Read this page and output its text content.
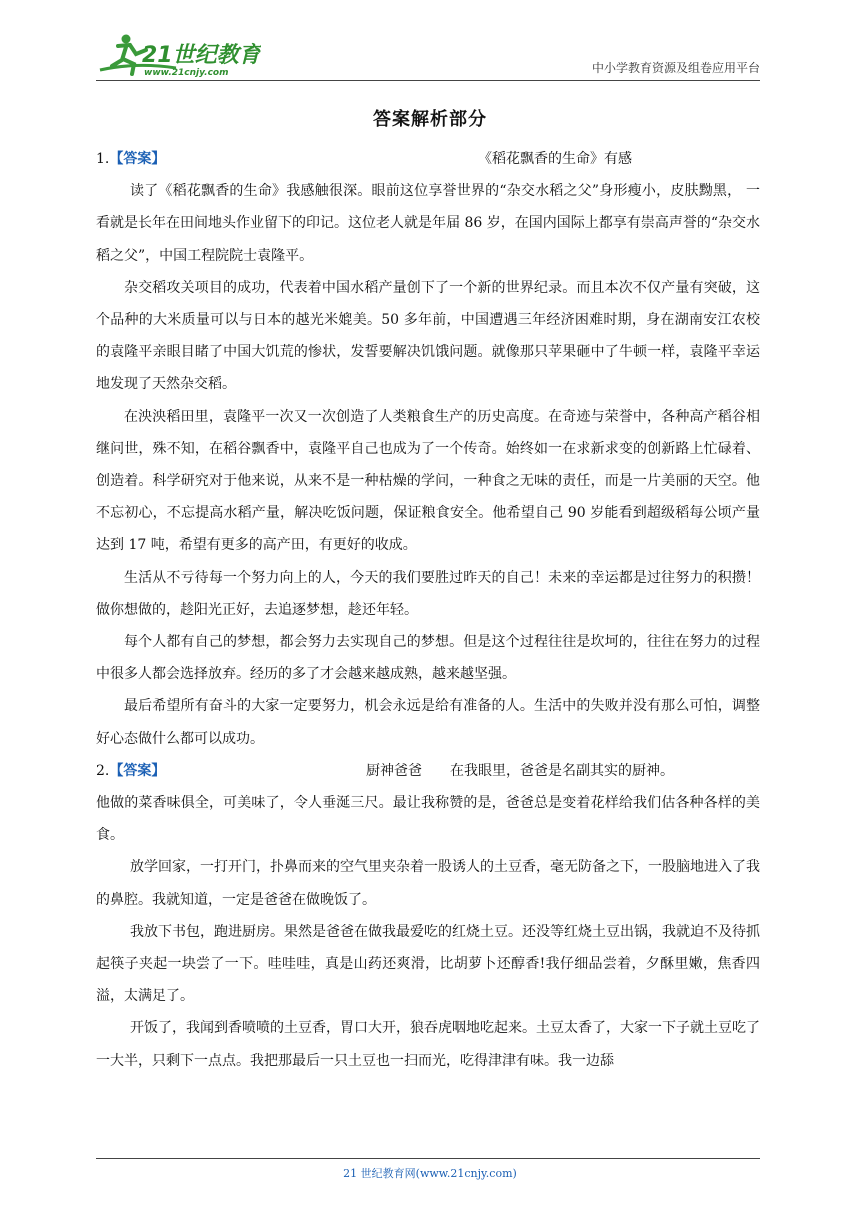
21世纪教育
www.21cnjy.com	中小学教育资源及组卷应用平台
答案解析部分
1.【答案】	《稻花飘香的生命》有感

读了《稻花飘香的生命》我感触很深。眼前这位享誉世界的“杂交水稻之父”身形瘦小，皮肤黝黑， 一看就是长年在田间地头作业留下的印记。这位老人就是年届 86 岁，在国内国际上都享有崇高声誉的“杂交水稻之父”，中国工程院院士袁隆平。

杂交稻攻关项目的成功，代表着中国水稻产量创下了一个新的世界纪录。而且本次不仅产量有突破，这个品种的大米质量可以与日本的越光米媲美。50 多年前，中国遭遇三年经济困难时期，身在湖南安江农校的袁隆平亲眼目睹了中国大饥荒的惨状，发誓要解决饥饿问题。就像那只苹果砸中了牛顿一样，袁隆平幸运地发现了天然杂交稻。

在泱泱稻田里，袁隆平一次又一次创造了人类粮食生产的历史高度。在奇迹与荣誉中，各种高产稻谷相继问世，殊不知，在稻谷飘香中，袁隆平自己也成为了一个传奇。始终如一在求新求变的创新路上忙碌着、创造着。科学研究对于他来说，从来不是一种枯燥的学问，一种食之无味的责任，而是一片美丽的天空。他不忘初心，不忘提高水稻产量，解决吃饭问题，保证粮食安全。他希望自己 90 岁能看到超级稻每公顷产量达到 17 吨，希望有更多的高产田，有更好的收成。

生活从不亏待每一个努力向上的人，今天的我们要胜过昨天的自己！未来的幸运都是过往努力的积攒！做你想做的，趁阳光正好，去追逐梦想，趁还年轻。

每个人都有自己的梦想，都会努力去实现自己的梦想。但是这个过程往往是坎坷的，往往在努力的过程中很多人都会选择放弃。经历的多了才会越来越成熟，越来越坚强。

最后希望所有奋斗的大家一定要努力，机会永远是给有准备的人。生活中的失败并没有那么可怕，调整好心态做什么都可以成功。

2.【答案】	厨神爸爸 在我眼里，爸爸是名副其实的厨神。

他做的菜香味俱全，可美味了，令人垂涎三尺。最让我称赞的是，爸爸总是变着花样给我们估各种各样的美食。

放学回家，一打开门，扑鼻而来的空气里夹杂着一股诱人的土豆香，毫无防备之下，一股脑地进入了我的鼻腔。我就知道，一定是爸爸在做晚饭了。

我放下书包，跑进厨房。果然是爸爸在做我最爱吃的红烧土豆。还没等红烧土豆出锅，我就迫不及待抓起筷子夹起一块尝了一下。哇哇哇，真是山药还爽滑，比胡萝卜还醇香!我仔细品尝着，夕酥里嫩，焦香四溢，太满足了。

开饭了，我闻到香喷喷的土豆香，胃口大开，狼吞虎咽地吃起来。土豆太香了，大家一下子就土豆吃了一大半，只剩下一点点。我把那最后一只土豆也一扫而光，吃得津津有味。我一边舔

21 世纪教育网(www.21cnjy.com)
